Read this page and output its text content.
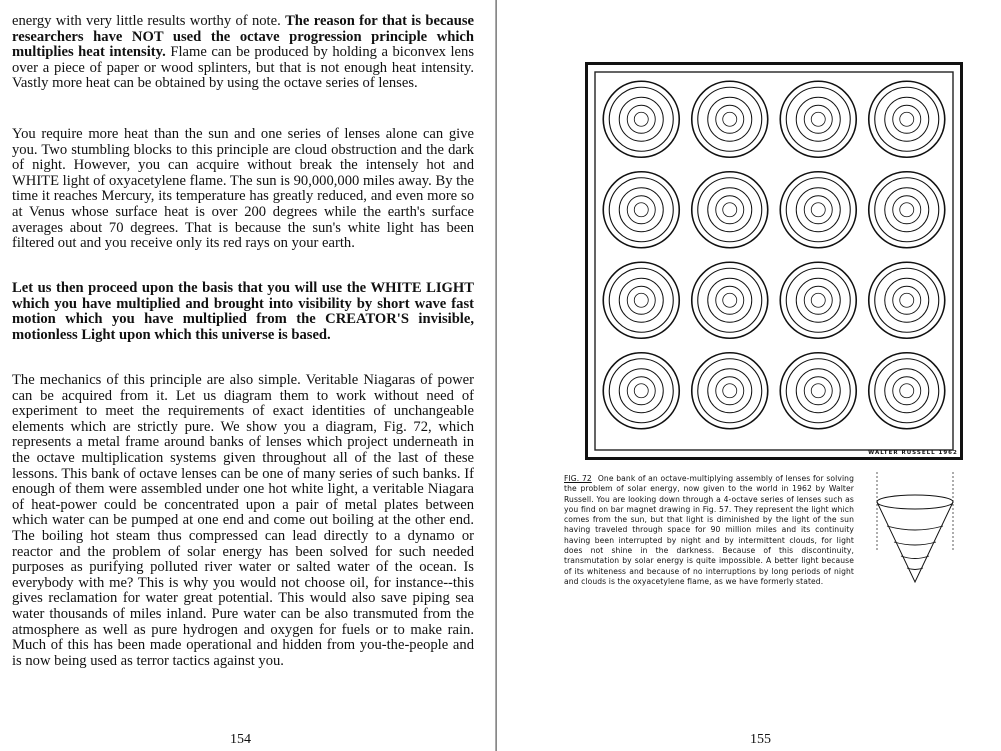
energy with very little results worthy of note. The reason for that is because researchers have NOT used the octave progression principle which multiplies heat intensity. Flame can be produced by holding a biconvex lens over a piece of paper or wood splinters, but that is not enough heat intensity. Vastly more heat can be obtained by using the octave series of lenses.
You require more heat than the sun and one series of lenses alone can give you. Two stumbling blocks to this principle are cloud obstruction and the dark of night. However, you can acquire without break the intensely hot and WHITE light of oxyacetylene flame. The sun is 90,000,000 miles away. By the time it reaches Mercury, its temperature has greatly reduced, and even more so at Venus whose surface heat is over 200 degrees while the earth's surface averages about 70 degrees. That is because the sun's white light has been filtered out and you receive only its red rays on your earth.
Let us then proceed upon the basis that you will use the WHITE LIGHT which you have multiplied and brought into visibility by short wave fast motion which you have multiplied from the CREATOR'S invisible, motionless Light upon which this universe is based.
The mechanics of this principle are also simple. Veritable Niagaras of power can be acquired from it. Let us diagram them to work without need of experiment to meet the requirements of exact identities of unchangeable elements which are strictly pure. We show you a diagram, Fig. 72, which represents a metal frame around banks of lenses which project underneath in the octave multiplication systems given throughout all of the last of these lessons. This bank of octave lenses can be one of many series of such banks. If enough of them were assembled under one hot white light, a veritable Niagara of heat-power could be concentrated upon a pair of metal plates between which water can be pumped at one end and come out boiling at the other end. The boiling hot steam thus compressed can lead directly to a dynamo or reactor and the problem of solar energy has been solved for such needed purposes as purifying polluted river water or salted water of the ocean. Is everybody with me? This is why you would not choose oil, for instance--this gives reclamation for water great potential. This would also save piping sea water thousands of miles inland. Pure water can be also transmuted from the atmosphere as well as pure hydrogen and oxygen for fuels or to make rain. Much of this has been made operational and hidden from you-the-people and is now being used as terror tactics against you.
154
WALTER RUSSELL 1962
FIG. 72 One bank of an octave-multiplying assembly of lenses for solving the problem of solar energy, now given to the world in 1962 by Walter Russell. You are looking down through a 4-octave series of lenses such as you find on bar magnet drawing in Fig. 57. They represent the light which comes from the sun, but that light is diminished by the light of the sun having traveled through space for 90 million miles and its continuity having been interrupted by night and by intermittent clouds, for light does not shine in the darkness. Because of this discontinuity, transmutation by solar energy is quite impossible. A better light because of its whiteness and because of no interruptions by long periods of night and clouds is the oxyacetylene flame, as we have formerly stated.
155
